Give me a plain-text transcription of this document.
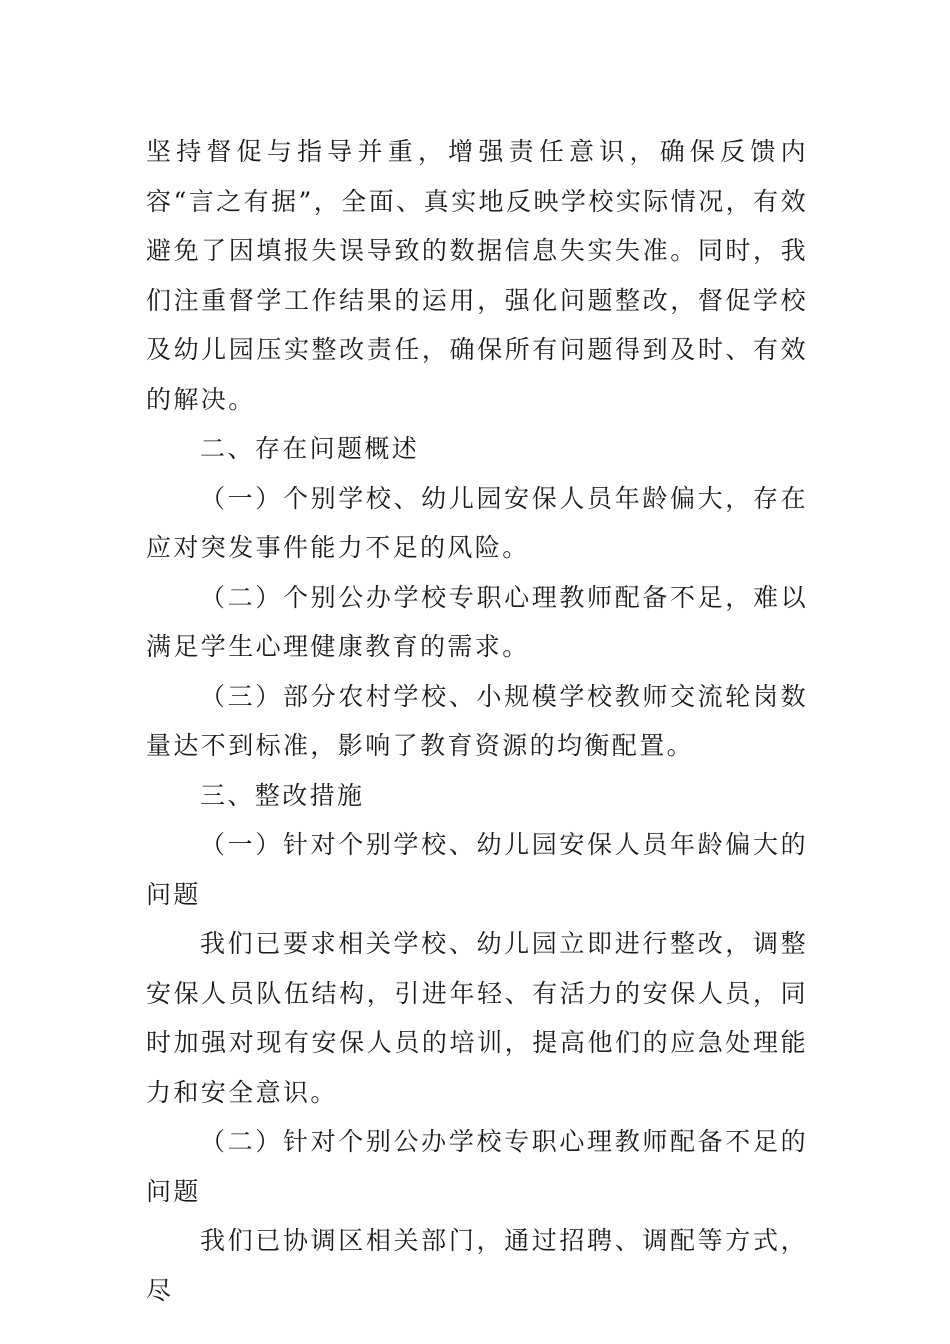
坚持督促与指导并重，增强责任意识，确保反馈内容“言之有据”，全面、真实地反映学校实际情况，有效避免了因填报失误导致的数据信息失实失准。同时，我们注重督学工作结果的运用，强化问题整改，督促学校及幼儿园压实整改责任，确保所有问题得到及时、有效的解决。

二、存在问题概述

（一）个别学校、幼儿园安保人员年龄偏大，存在应对突发事件能力不足的风险。

（二）个别公办学校专职心理教师配备不足，难以满足学生心理健康教育的需求。

（三）部分农村学校、小规模学校教师交流轮岗数量达不到标准，影响了教育资源的均衡配置。

三、整改措施

（一）针对个别学校、幼儿园安保人员年龄偏大的问题

我们已要求相关学校、幼儿园立即进行整改，调整安保人员队伍结构，引进年轻、有活力的安保人员，同时加强对现有安保人员的培训，提高他们的应急处理能力和安全意识。

（二）针对个别公办学校专职心理教师配备不足的问题

我们已协调区相关部门，通过招聘、调配等方式，尽
